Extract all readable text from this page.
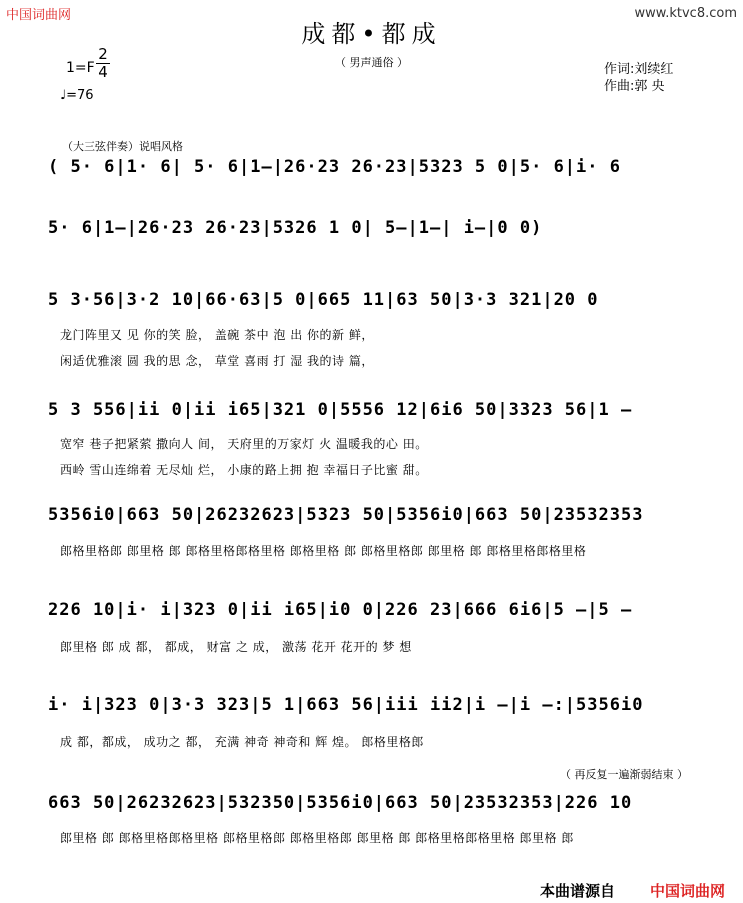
中国词曲网	www.ktvc8.com
成都•都成
（ 男声通俗 ）
1=F
2
4
♩=76
作词:刘续红
作曲:郭 央
（大三弦伴奏）说唱风格
( 5· 6|1· 6| 5· 6|1—|26·23 26·23|5323 5 0|5· 6|i· 6
5· 6|1—|26·23 26·23|5326 1 0| 5—|1—| i—|0 0)
5 3·56|3·2 10|66·63|5 0|665 11|63 50|3·3 321|20 0
龙门阵里又 见 你的笑 脸， 盖碗 茶中 泡 出 你的新 鲜，
闲适优雅滚 圆 我的思 念， 草堂 喜雨 打 湿 我的诗 篇，
5 3 556|ii 0|ii i65|321 0|5556 12|6i6 50|3323 56|1 —
宽窄 巷子把紧萦 撒向人 间， 天府里的万家灯 火 温暖我的心 田。
西岭 雪山连绵着 无尽灿 烂， 小康的路上拥 抱 幸福日子比蜜 甜。
5356i0|663 50|26232623|5323 50|5356i0|663 50|23532353
郎格里格郎 郎里格 郎 郎格里格郎格里格 郎格里格 郎 郎格里格郎 郎里格 郎 郎格里格郎格里格
226 10|i· i|323 0|ii i65|i0 0|226 23|666 6i6|5 —|5 —
郎里格 郎 成 都， 都成， 财富 之 成， 激荡 花开 花开的 梦 想
i· i|323 0|3·3 323|5 1|663 56|iii ii2|i —|i —:|5356i0
成 都，都成， 成功之 都， 充满 神奇 神奇和 辉 煌。 郎格里格郎
（ 再反复一遍渐弱结束 ）
663 50|26232623|532350|5356i0|663 50|23532353|226 10
郎里格 郎 郎格里格郎格里格 郎格里格郎 郎格里格郎 郎里格 郎 郎格里格郎格里格 郎里格 郎
本曲谱源自 中国词曲网
